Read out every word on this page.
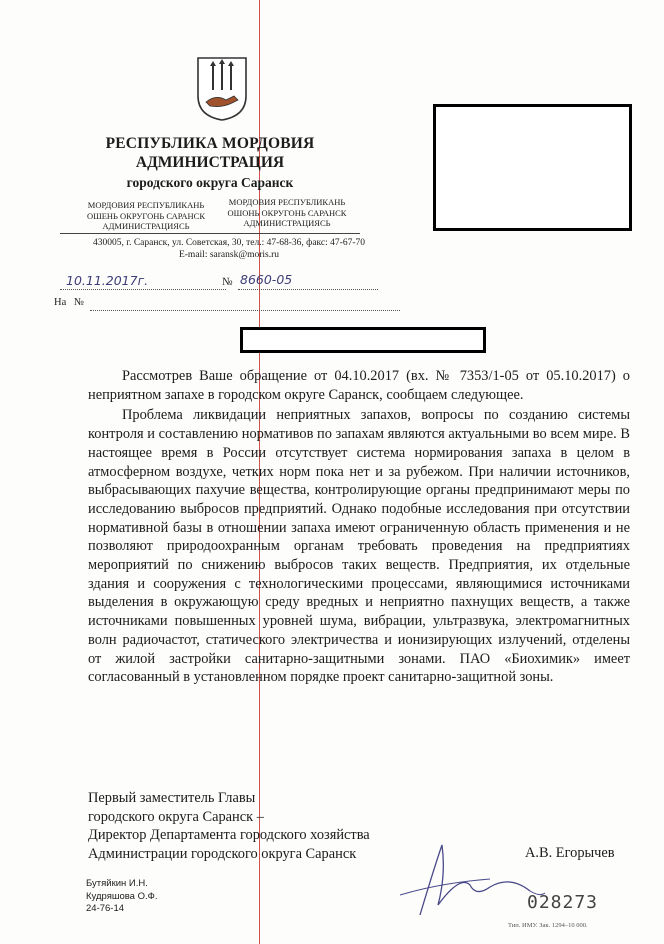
РЕСПУБЛИКА МОРДОВИЯ
АДМИНИСТРАЦИЯ
городского округа Саранск
МОРДОВИЯ РЕСПУБЛИКАНЬ
ОШЕНЬ ОКРУГОНЬ САРАНСК
АДМИНИСТРАЦИЯСЬ
МОРДОВИЯ РЕСПУБЛИКАНЬ
ОШОНЬ ОКРУГОНЬ САРАНСК
АДМИНИСТРАЦИЯСЬ
430005, г. Саранск, ул. Советская, 30, тел.: 47-68-36, факс: 47-67-70
E-mail: saransk@moris.ru
10.11.2017г.	№ 8660-05
На №

Рассмотрев Ваше обращение от 04.10.2017 (вх. № 7353/1-05 от 05.10.2017) о неприятном запахе в городском округе Саранск, сообщаем следующее.

Проблема ликвидации неприятных запахов, вопросы по созданию системы контроля и составлению нормативов по запахам являются актуальными во всем мире. В настоящее время в России отсутствует система нормирования запаха в целом в атмосферном воздухе, четких норм пока нет и за рубежом. При наличии источников, выбрасывающих пахучие вещества, контролирующие органы предпринимают меры по исследованию выбросов предприятий. Однако подобные исследования при отсутствии нормативной базы в отношении запаха имеют ограниченную область применения и не позволяют природоохранным органам требовать проведения на предприятиях мероприятий по снижению выбросов таких веществ. Предприятия, их отдельные здания и сооружения с технологическими процессами, являющимися источниками выделения в окружающую среду вредных и неприятно пахнущих веществ, а также источниками повышенных уровней шума, вибрации, ультразвука, электромагнитных волн радиочастот, статического электричества и ионизирующих излучений, отделены от жилой застройки санитарно-защитными зонами. ПАО «Биохимик» имеет согласованный в установленном порядке проект санитарно-защитной зоны.

Первый заместитель Главы
городского округа Саранск –
Директор Департамента городского хозяйства
Администрации городского округа Саранск	А.В. Егорычев
Бутяйкин И.Н.
Кудряшова О.Ф.
24-76-14	028273
Тип. ИМУ. Зак. 1294–10 000.
